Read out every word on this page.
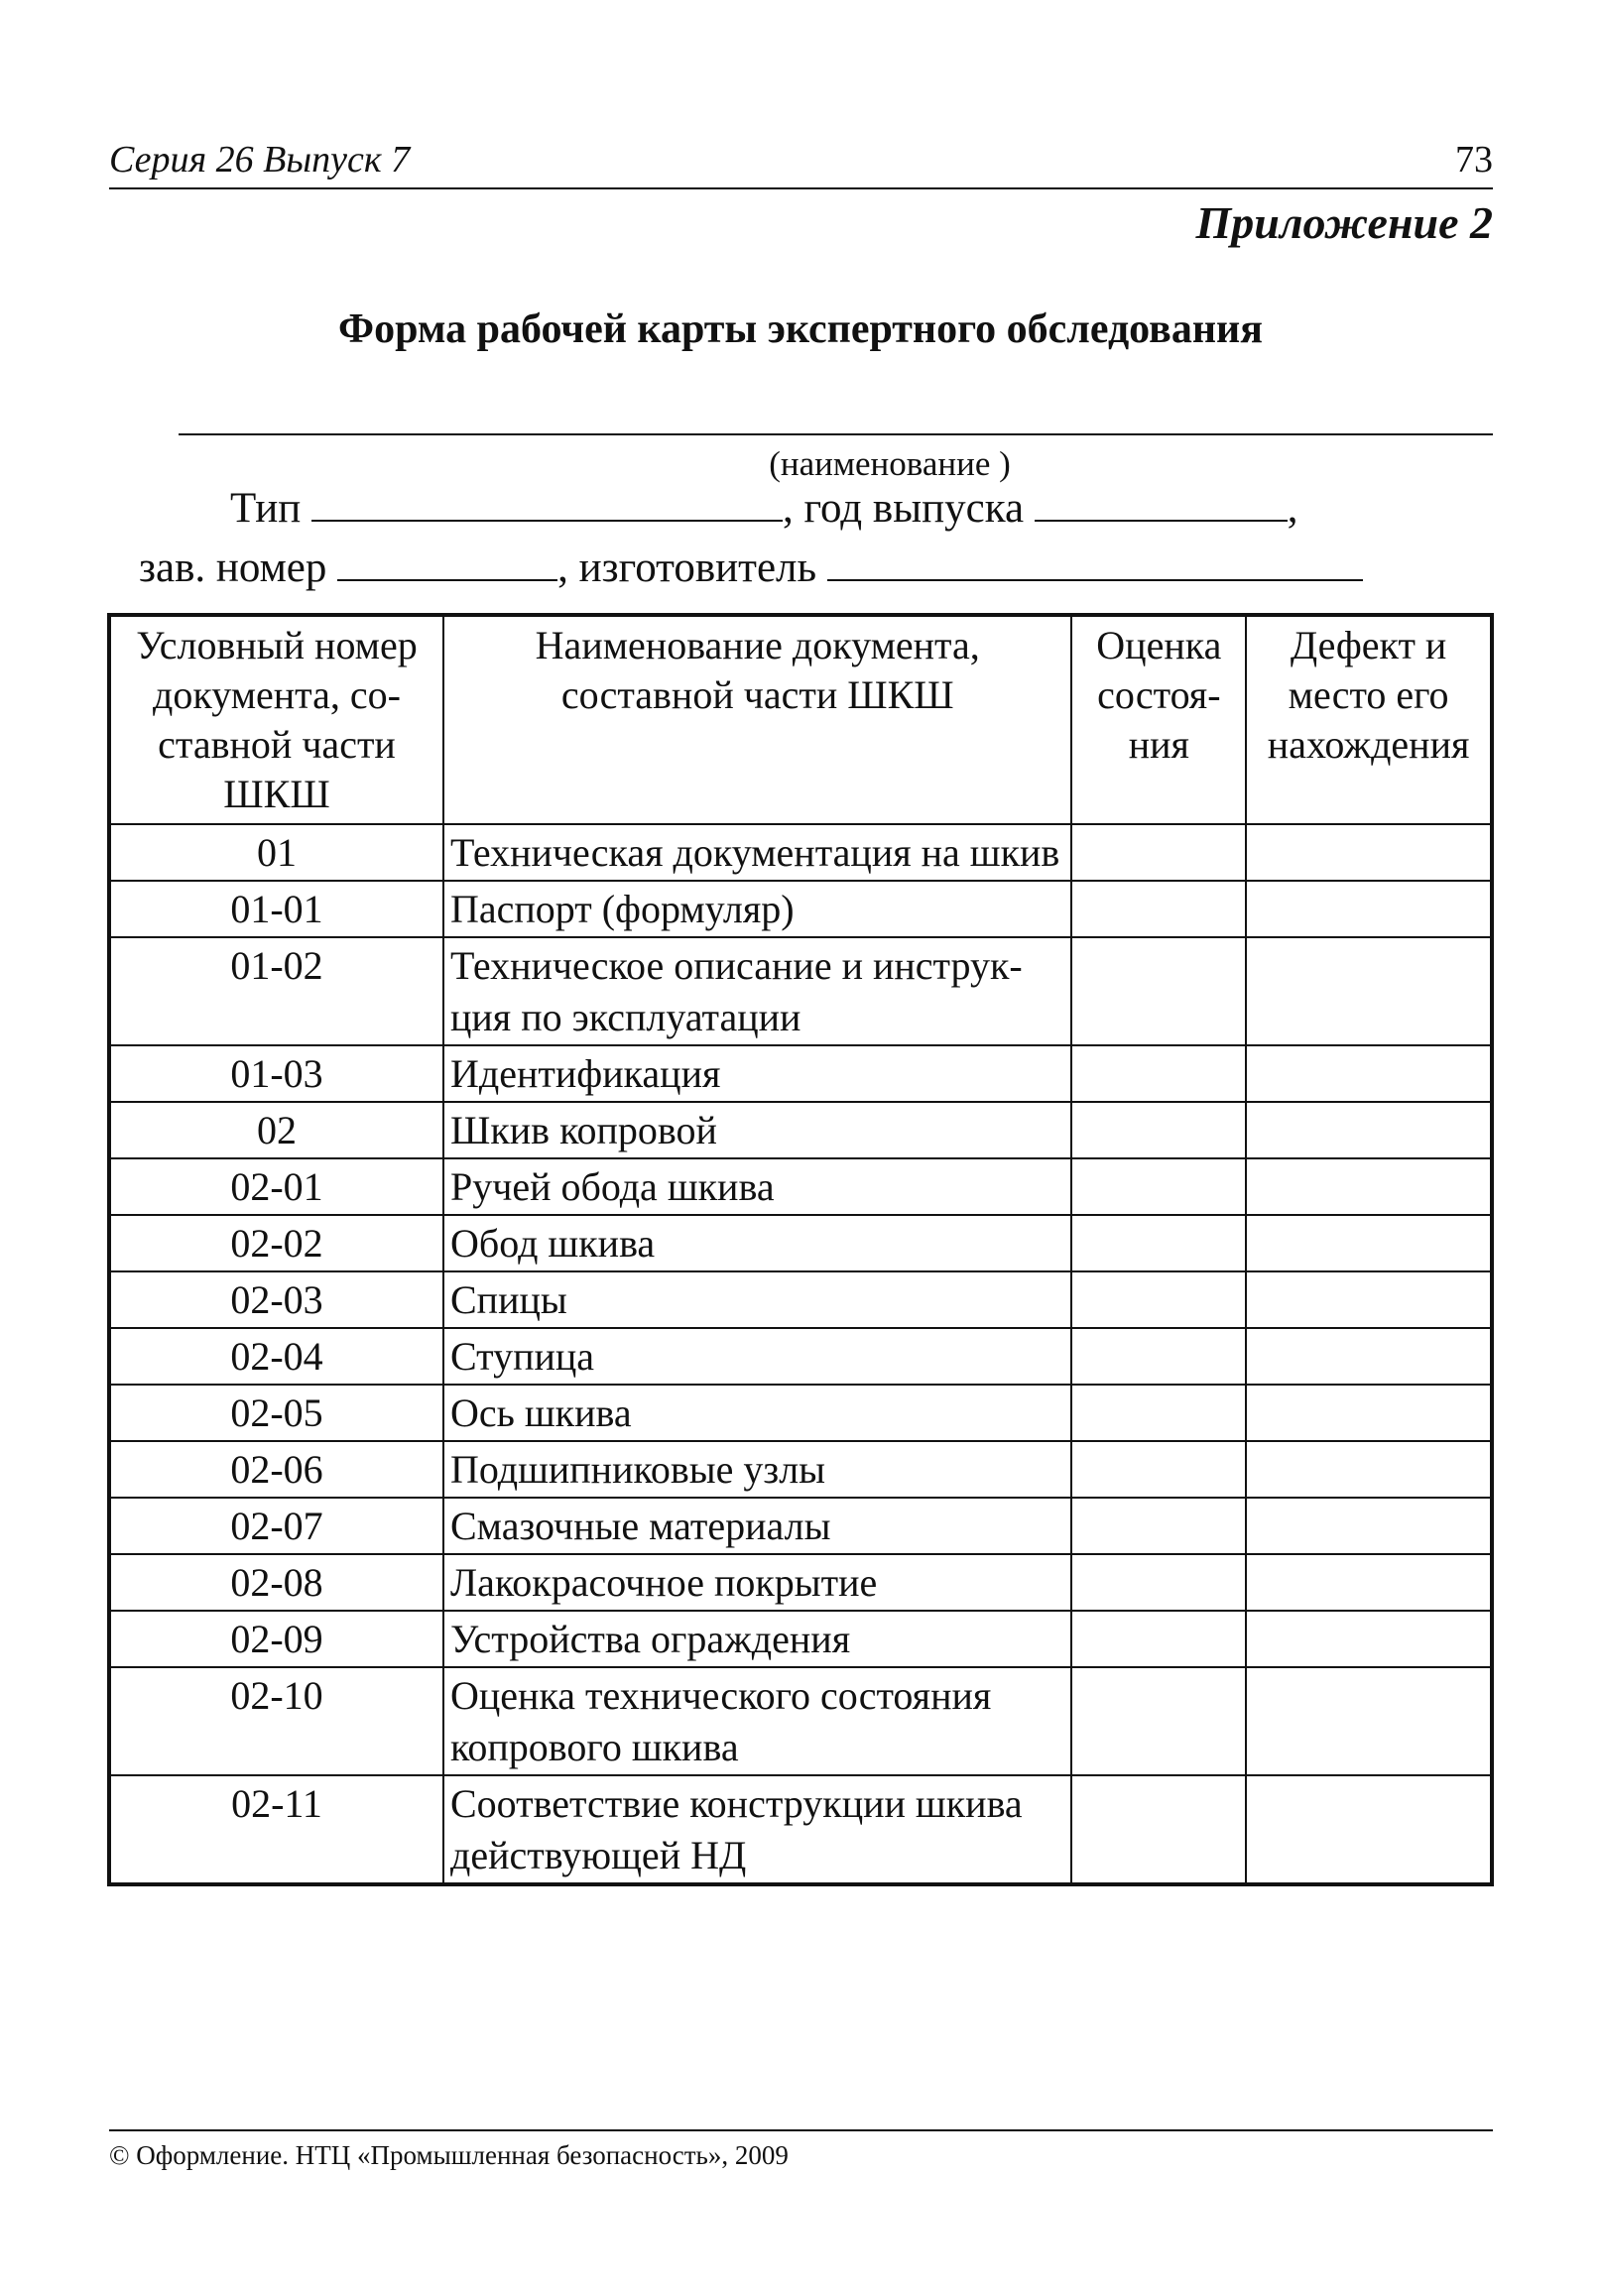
Серия 26 Выпуск 7	73
Приложение 2
Форма рабочей карты экспертного обследования
(наименование )
Тип	, год выпуска	,
зав. номер	, изготовитель
Условный номер документа, со-ставной части ШКШ	Наименование документа, составной части ШКШ	Оценка состоя-ния	Дефект и место его нахождения
01	Техническая документация на шкив		
01-01	Паспорт (формуляр)		
01-02	Техническое описание и инструк-ция по эксплуатации		
01-03	Идентификация		
02	Шкив копровой		
02-01	Ручей обода шкива		
02-02	Обод шкива		
02-03	Спицы		
02-04	Ступица		
02-05	Ось шкива		
02-06	Подшипниковые узлы		
02-07	Смазочные материалы		
02-08	Лакокрасочное покрытие		
02-09	Устройства ограждения		
02-10	Оценка технического состояния копрового шкива		
02-11	Соответствие конструкции шкива действующей НД		
© Оформление. НТЦ «Промышленная безопасность», 2009
